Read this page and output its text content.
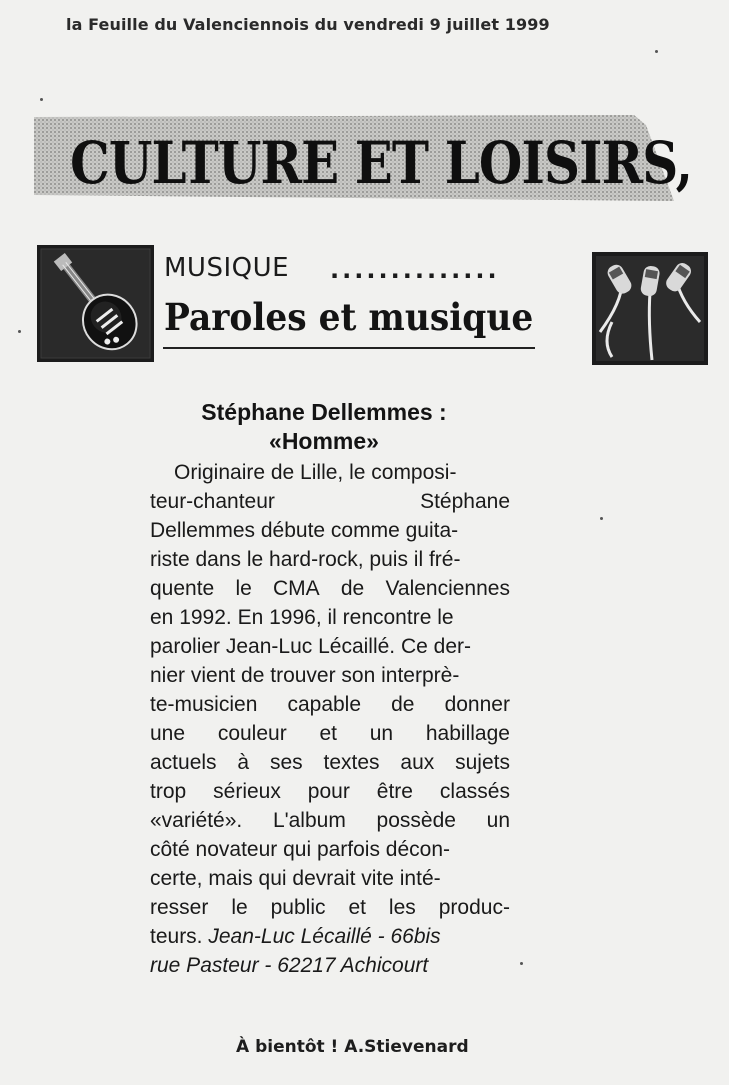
la Feuille du Valenciennois du vendredi 9 juillet 1999
CULTURE ET LOISIRS,
MUSIQUE ..............
Paroles et musique
Stéphane Dellemmes :
«Homme»
Originaire de Lille, le composi-
teur-chanteur	Stéphane
Dellemmes débute comme guita-
riste dans le hard-rock, puis il fré-
quente le CMA de Valenciennes
en 1992. En 1996, il rencontre le
parolier Jean-Luc Lécaillé. Ce der-
nier vient de trouver son interprè-
te-musicien capable de donner
une couleur et un habillage
actuels à ses textes aux sujets
trop sérieux pour être classés
«variété». L'album possède un
côté novateur qui parfois décon-
certe, mais qui devrait vite inté-
resser le public et les produc-
teurs. Jean-Luc Lécaillé - 66bis
rue Pasteur - 62217 Achicourt
À bientôt ! A.Stievenard
